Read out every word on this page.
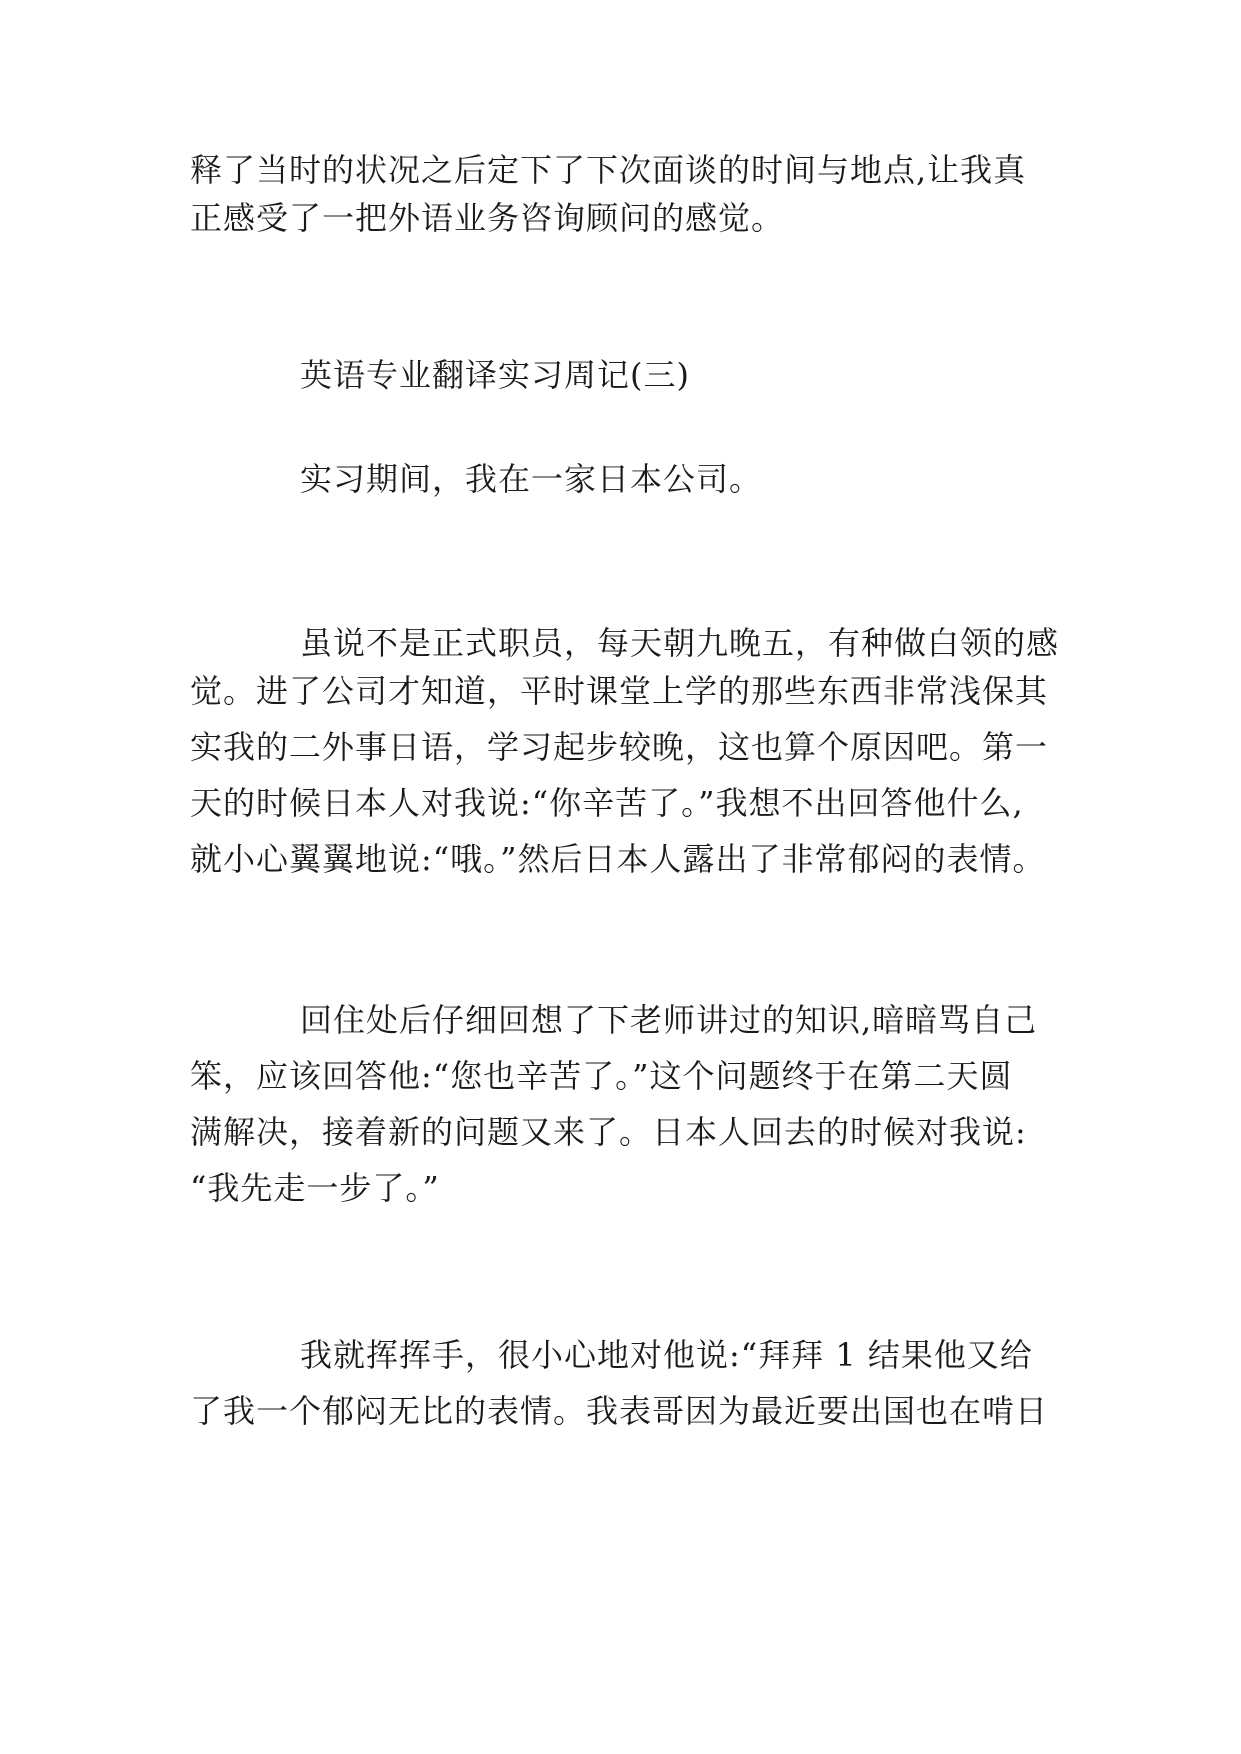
释了当时的状况之后定下了下次面谈的时间与地点,让我真
正感受了一把外语业务咨询顾问的感觉。
英语专业翻译实习周记(三)
实习期间，我在一家日本公司。
虽说不是正式职员，每天朝九晚五，有种做白领的感
觉。进了公司才知道，平时课堂上学的那些东西非常浅保其
实我的二外事日语，学习起步较晚，这也算个原因吧。第一
天的时候日本人对我说:“你辛苦了。”我想不出回答他什么,
就小心翼翼地说:“哦。”然后日本人露出了非常郁闷的表情。
回住处后仔细回想了下老师讲过的知识,暗暗骂自己
笨，应该回答他:“您也辛苦了。”这个问题终于在第二天圆
满解决，接着新的问题又来了。日本人回去的时候对我说:
“我先走一步了。”
我就挥挥手，很小心地对他说:“拜拜 1 结果他又给
了我一个郁闷无比的表情。我表哥因为最近要出国也在啃日
